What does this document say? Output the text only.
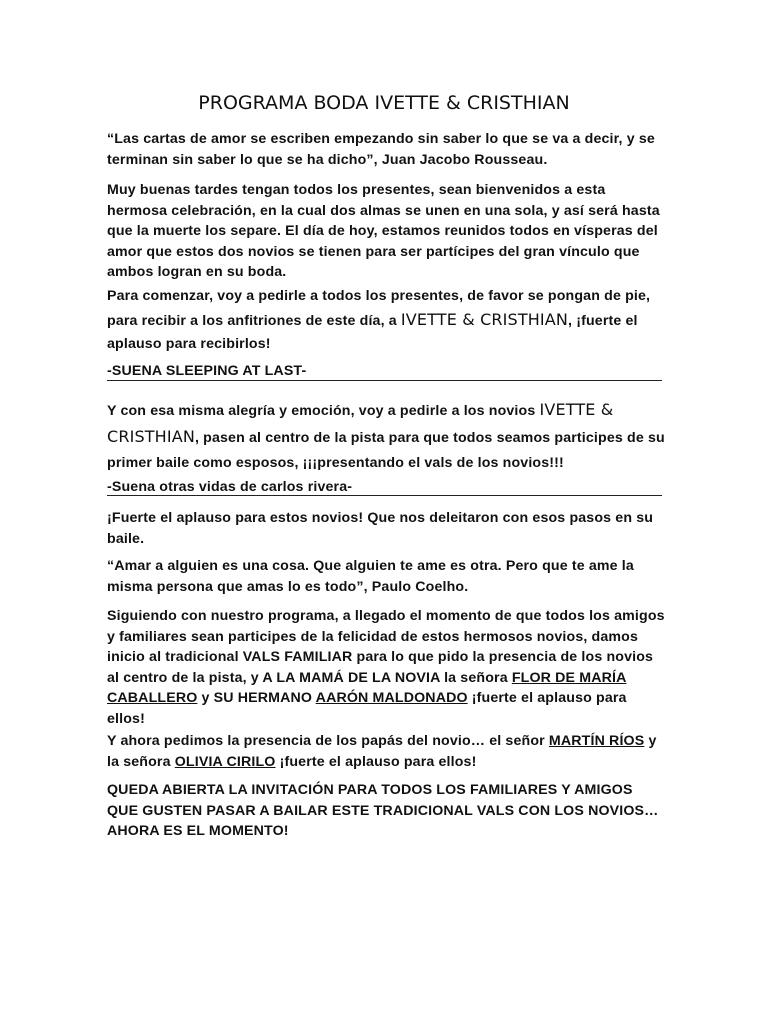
PROGRAMA BODA IVETTE & CRISTHIAN
“Las cartas de amor se escriben empezando sin saber lo que se va a decir, y se terminan sin saber lo que se ha dicho”, Juan Jacobo Rousseau.
Muy buenas tardes tengan todos los presentes, sean bienvenidos a esta hermosa celebración, en la cual dos almas se unen en una sola, y así será hasta que la muerte los separe. El día de hoy, estamos reunidos todos en vísperas del amor que estos dos novios se tienen para ser partícipes del gran vínculo que ambos logran en su boda.
Para comenzar, voy a pedirle a todos los presentes, de favor se pongan de pie, para recibir a los anfitriones de este día, a IVETTE & CRISTHIAN, ¡fuerte el aplauso para recibirlos!
-SUENA SLEEPING AT LAST-
Y con esa misma alegría y emoción, voy a pedirle a los novios IVETTE & CRISTHIAN, pasen al centro de la pista para que todos seamos participes de su primer baile como esposos, ¡¡¡presentando el vals de los novios!!!
-Suena otras vidas de carlos rivera-
¡Fuerte el aplauso para estos novios! Que nos deleitaron con esos pasos en su baile.
“Amar a alguien es una cosa. Que alguien te ame es otra. Pero que te ame la misma persona que amas lo es todo”, Paulo Coelho.
Siguiendo con nuestro programa, a llegado el momento de que todos los amigos y familiares sean participes de la felicidad de estos hermosos novios, damos inicio al tradicional VALS FAMILIAR para lo que pido la presencia de los novios al centro de la pista, y A LA MAMÁ DE LA NOVIA la señora FLOR DE MARÍA CABALLERO y SU HERMANO AARÓN MALDONADO ¡fuerte el aplauso para ellos!
Y ahora pedimos la presencia de los papás del novio… el señor MARTÍN RÍOS y la señora OLIVIA CIRILO ¡fuerte el aplauso para ellos!
QUEDA ABIERTA LA INVITACIÓN PARA TODOS LOS FAMILIARES Y AMIGOS QUE GUSTEN PASAR A BAILAR ESTE TRADICIONAL VALS CON LOS NOVIOS… AHORA ES EL MOMENTO!
